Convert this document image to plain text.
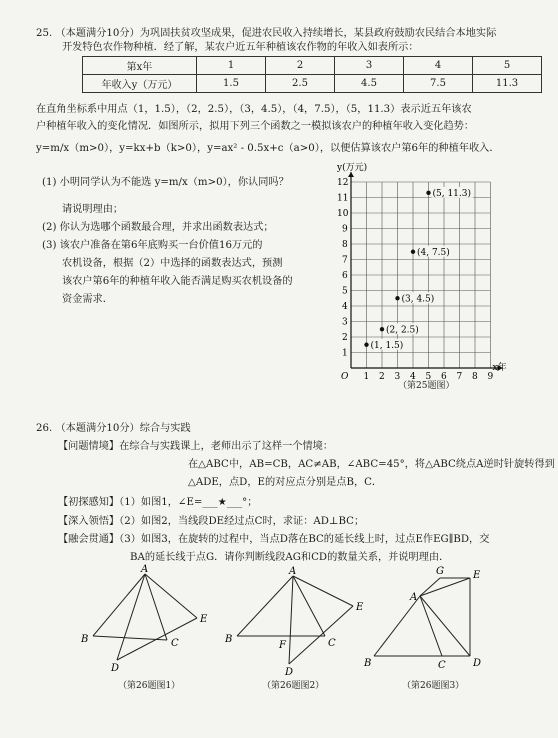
25. （本题满分10分）为巩固扶贫攻坚成果，促进农民收入持续增长，某县政府鼓励农民结合本地实际
开发特色农作物种植．经了解，某农户近五年种植该农作物的年收入如表所示：
第x年	1	2	3	4	5
年收入y（万元）	1.5	2.5	4.5	7.5	11.3
在直角坐标系中用点（1，1.5），（2，2.5），（3，4.5），（4，7.5），（5，11.3）表示近五年该农
户种植年收入的变化情况．如图所示，拟用下列三个函数之一模拟该农户的种植年收入变化趋势：
y=m/x（m>0），y=kx+b（k>0），y=ax² - 0.5x+c（a>0），以便估算该农户第6年的种植年收入．
(1) 小明同学认为不能选 y=m/x（m>0），你认同吗？
请说明理由；
(2) 你认为选哪个函数最合理，并求出函数表达式；
(3) 该农户准备在第6年底购买一台价值16万元的
农机设备，根据（2）中选择的函数表达式，预测
该农户第6年的种植年收入能否满足购买农机设备的
资金需求．
1 2 3 4 5 6 7 8 9
1
2
3
4
5
6
7
8
9
10
11
12
O
y(万元)
x年
(1, 1.5)
(2, 2.5)
(3, 4.5)
(4, 7.5)
(5, 11.3)
（第25题图）
26. （本题满分10分）综合与实践
【问题情境】在综合与实践课上，老师出示了这样一个情境：
在△ABC中，AB=CB，AC≠AB，∠ABC=45°，将△ABC绕点A逆时针旋转得到
△ADE，点D，E的对应点分别是点B，C．
【初探感知】（1）如图1，∠E=___★___°；
【深入领悟】（2）如图2，当线段DE经过点C时，求证：AD⊥BC；
【融会贯通】（3）如图3，在旋转的过程中，当点D落在BC的延长线上时，过点E作EG∥BD，交
BA的延长线于点G．请你判断线段AG和CD的数量关系，并说明理由．
A
B	C
D
E
（第26题图1）
A
B	C
D
E
F
（第26题图2）
A
B	C	D
E
G
（第26题图3）
